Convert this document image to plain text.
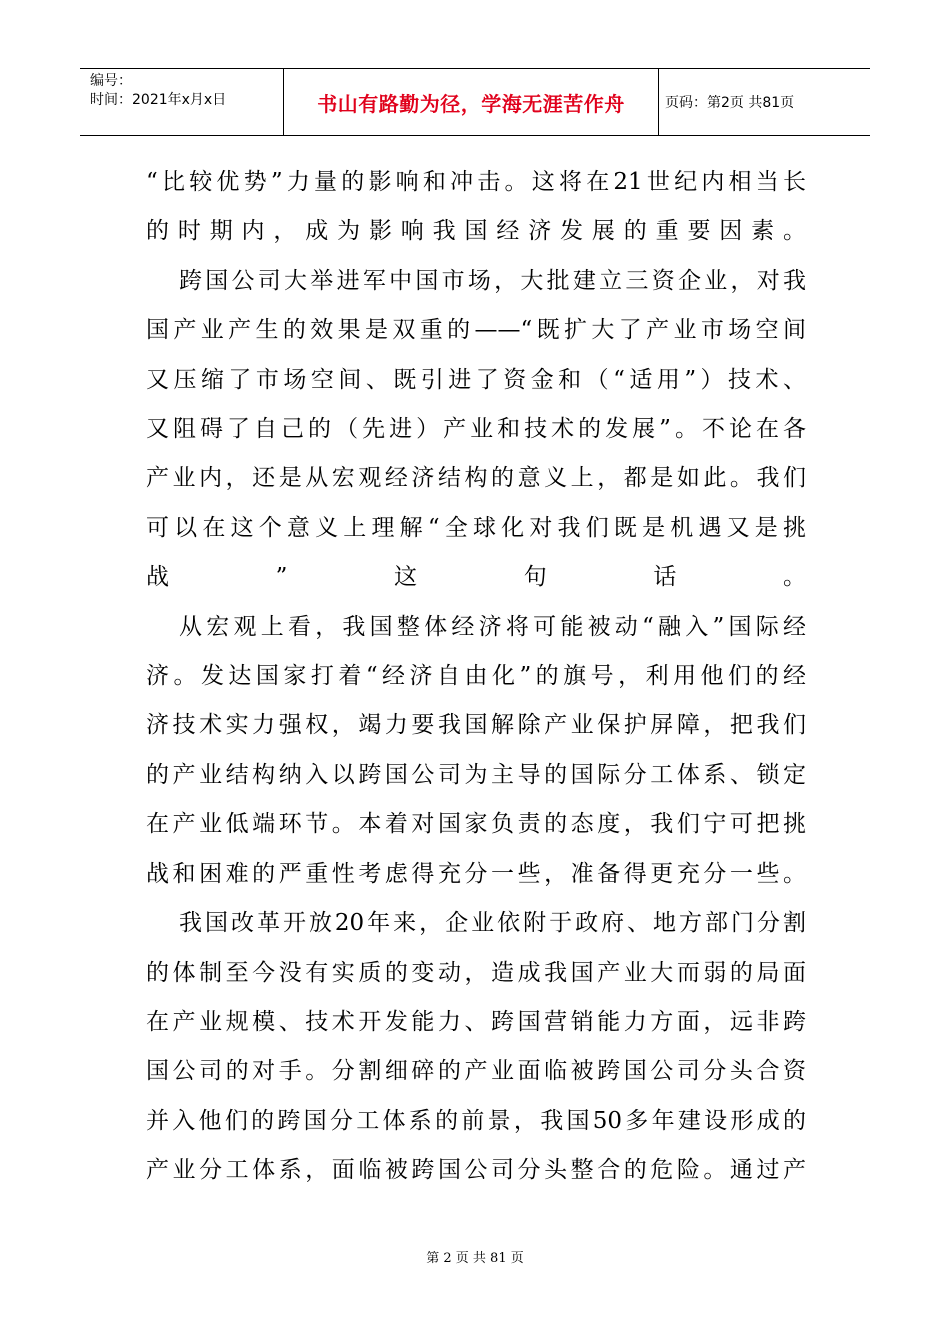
编号：
时间：2021年x月x日	书山有路勤为径，学海无涯苦作舟	页码：第2页 共81页
“比较优势”力量的影响和冲击。这将在21世纪内相当长
的时期内，成为影响我国经济发展的重要因素。
跨国公司大举进军中国市场，大批建立三资企业，对我
国产业产生的效果是双重的——“既扩大了产业市场空间
又压缩了市场空间、既引进了资金和（“适用”）技术、
又阻碍了自己的（先进）产业和技术的发展”。不论在各
产业内，还是从宏观经济结构的意义上，都是如此。我们
可以在这个意义上理解“全球化对我们既是机遇又是挑
战”这句话。
从宏观上看，我国整体经济将可能被动“融入”国际经
济。发达国家打着“经济自由化”的旗号，利用他们的经
济技术实力强权，竭力要我国解除产业保护屏障，把我们
的产业结构纳入以跨国公司为主导的国际分工体系、锁定
在产业低端环节。本着对国家负责的态度，我们宁可把挑
战和困难的严重性考虑得充分一些，准备得更充分一些。
我国改革开放20年来，企业依附于政府、地方部门分割
的体制至今没有实质的变动，造成我国产业大而弱的局面
在产业规模、技术开发能力、跨国营销能力方面，远非跨
国公司的对手。分割细碎的产业面临被跨国公司分头合资
并入他们的跨国分工体系的前景，我国50多年建设形成的
产业分工体系，面临被跨国公司分头整合的危险。通过产
第 2 页 共 81 页
